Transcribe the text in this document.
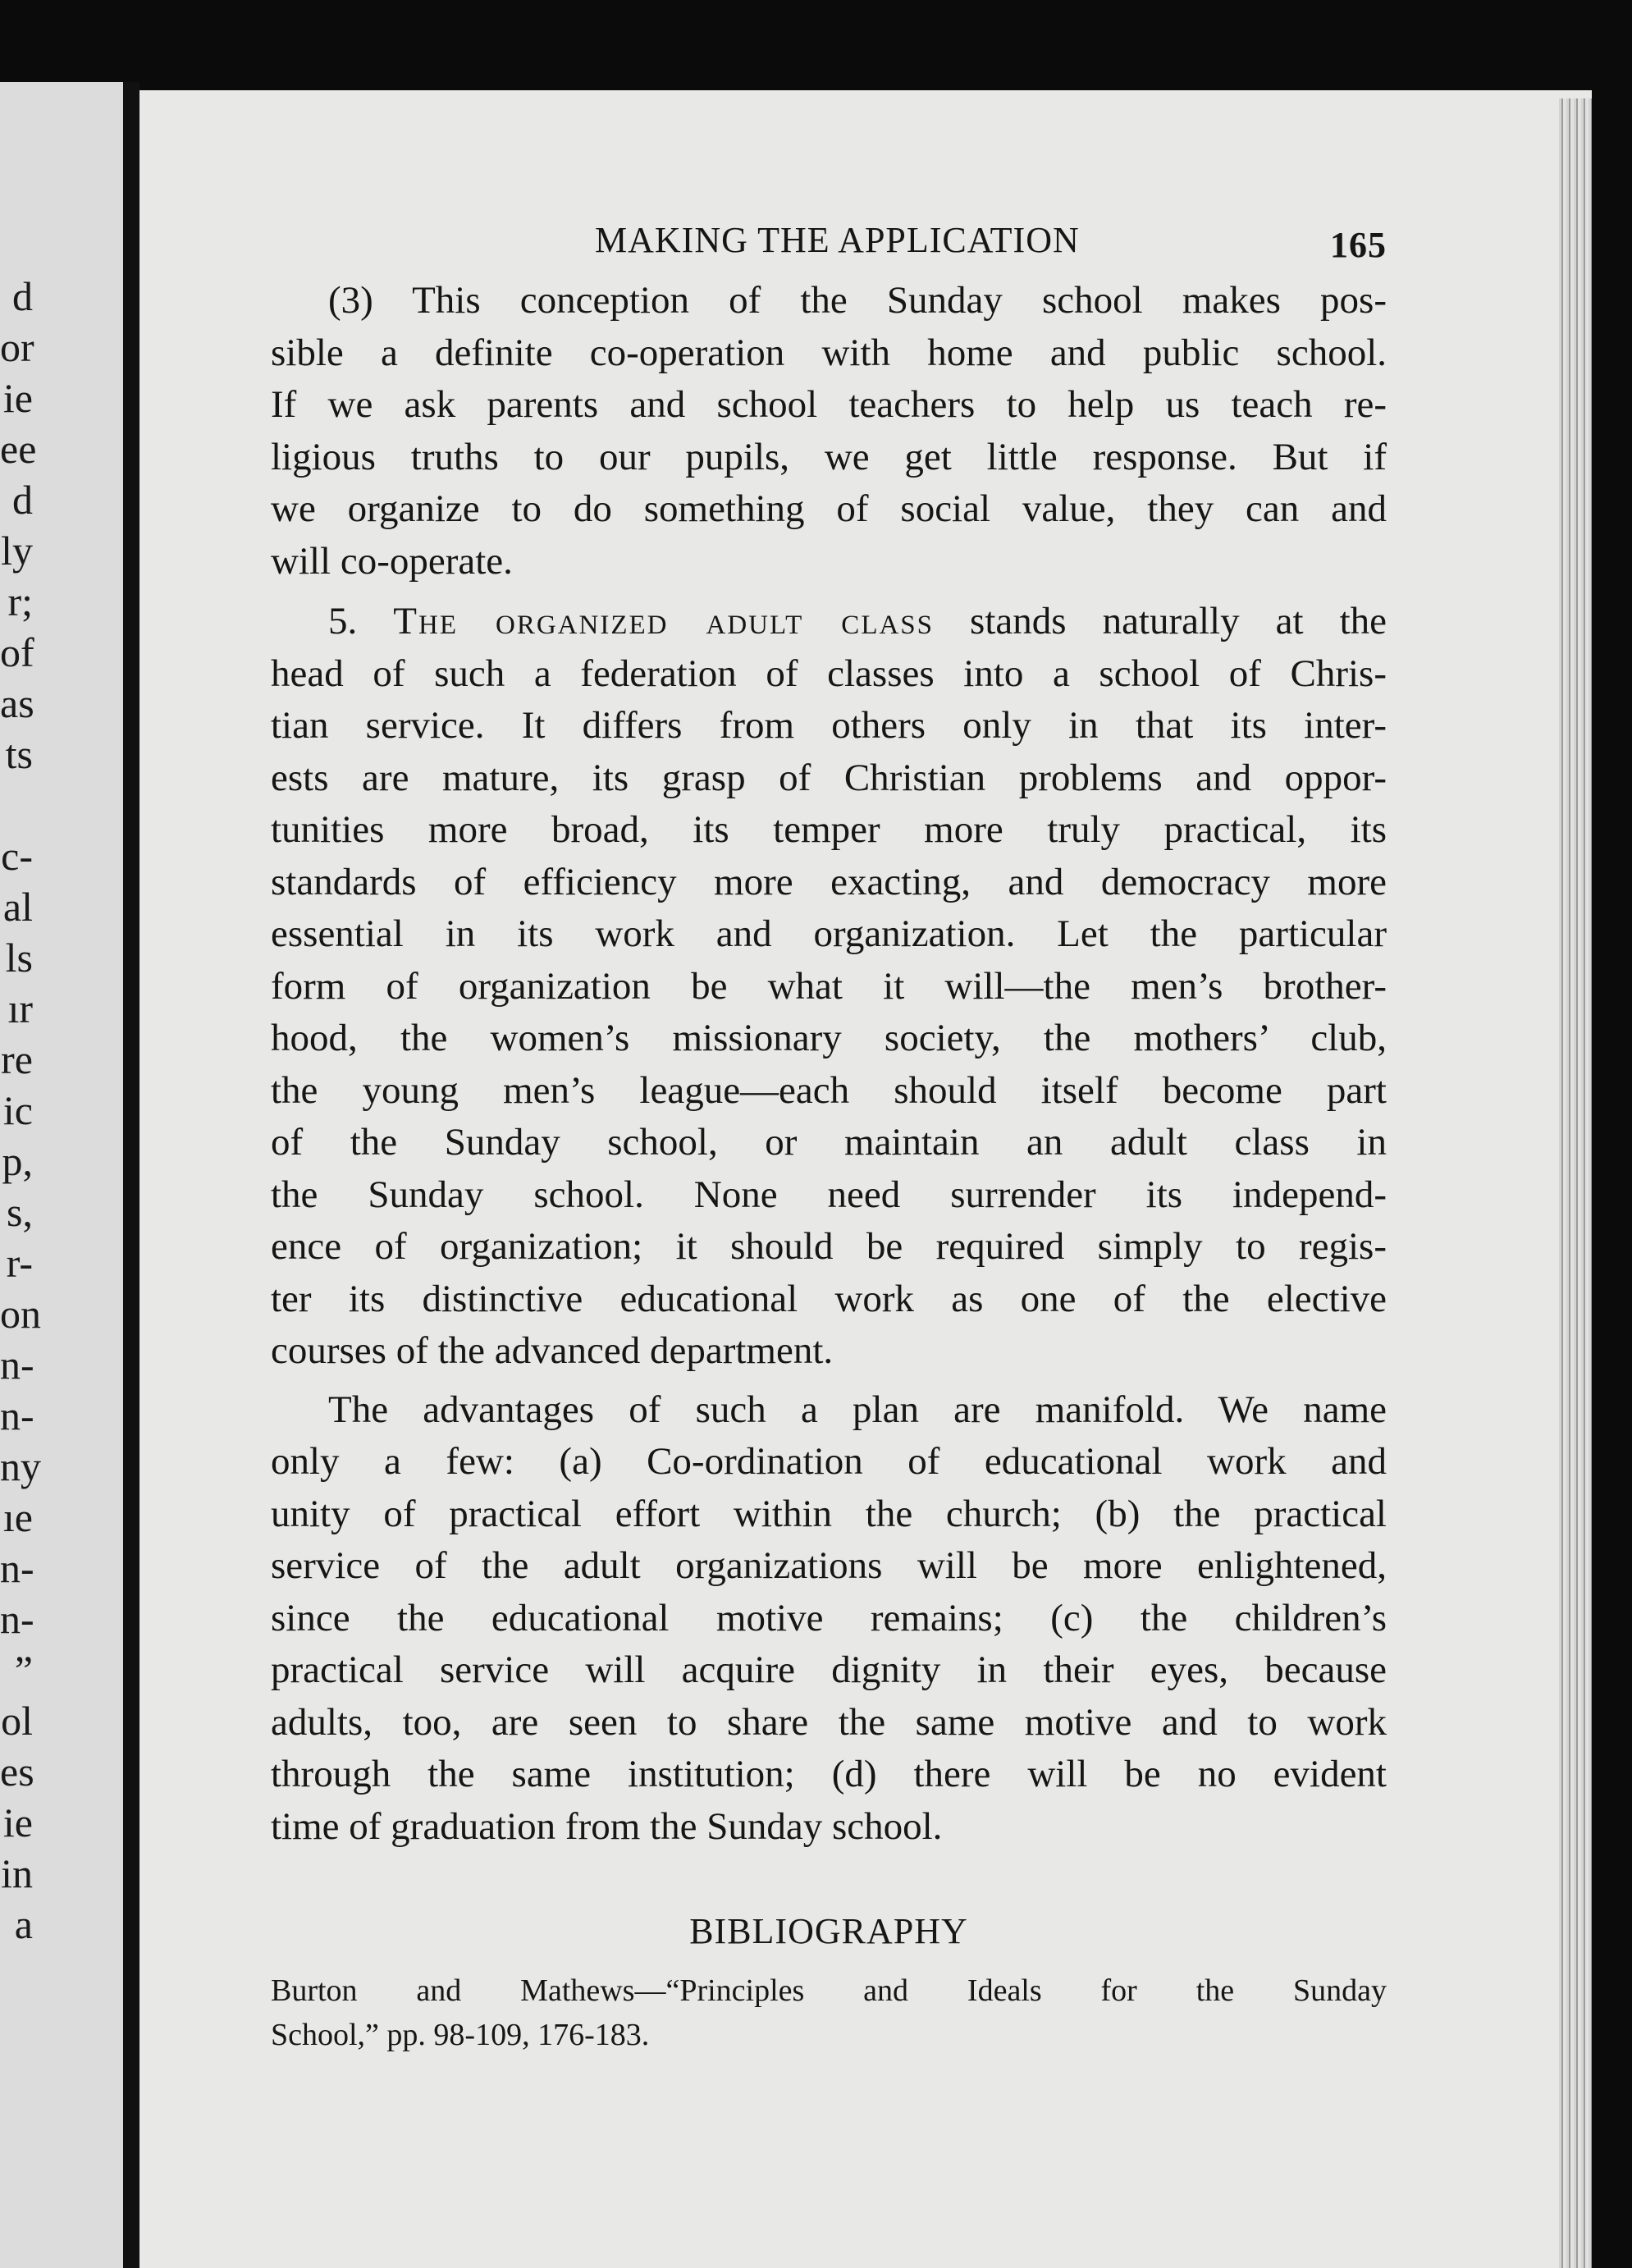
d
or
ie
ee
d
ly
r;
of
as
ts
c-
al
ls
ır
re
ic
p,
s,
r-
on
n-
n-
ny
ıe
n-
n-
”
ol
es
ie
in
a
MAKING THE APPLICATION	165
(3) This conception of the Sunday school makes pos-
sible a definite co-operation with home and public school.
If we ask parents and school teachers to help us teach re-
ligious truths to our pupils, we get little response. But if
we organize to do something of social value, they can and
will co-operate.
5. The organized adult class stands naturally at the
head of such a federation of classes into a school of Chris-
tian service. It differs from others only in that its inter-
ests are mature, its grasp of Christian problems and oppor-
tunities more broad, its temper more truly practical, its
standards of efficiency more exacting, and democracy more
essential in its work and organization. Let the particular
form of organization be what it will—the men’s brother-
hood, the women’s missionary society, the mothers’ club,
the young men’s league—each should itself become part
of the Sunday school, or maintain an adult class in
the Sunday school. None need surrender its independ-
ence of organization; it should be required simply to regis-
ter its distinctive educational work as one of the elective
courses of the advanced department.
The advantages of such a plan are manifold. We name
only a few: (a) Co-ordination of educational work and
unity of practical effort within the church; (b) the practical
service of the adult organizations will be more enlightened,
since the educational motive remains; (c) the children’s
practical service will acquire dignity in their eyes, because
adults, too, are seen to share the same motive and to work
through the same institution; (d) there will be no evident
time of graduation from the Sunday school.
BIBLIOGRAPHY
Burton and Mathews—“Principles and Ideals for the Sunday
School,” pp. 98-109, 176-183.
